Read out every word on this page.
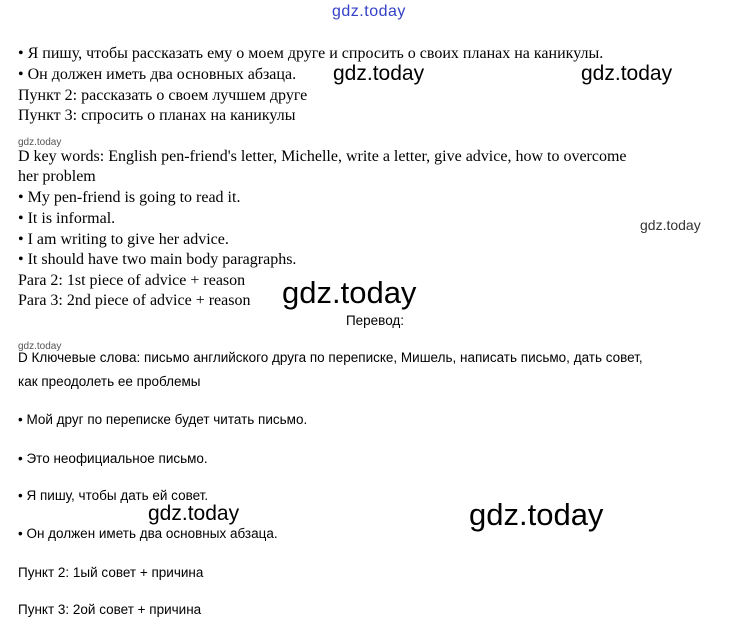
gdz.today
• Я пишу, чтобы рассказать ему о моем друге и спросить о своих планах на каникулы.
• Он должен иметь два основных абзаца.
Пункт 2: рассказать о своем лучшем друге
Пункт 3: спросить о планах на каникулы
D key words: English pen-friend's letter, Michelle, write a letter, give advice, how to overcome
her problem
• My pen-friend is going to read it.
• It is informal.
• I am writing to give her advice.
• It should have two main body paragraphs.
Para 2: 1st piece of advice + reason
Para 3: 2nd piece of advice + reason
gdz.today	gdz.today
gdz.today
gdz.today
gdz.today
Перевод:
gdz.today
D Ключевые слова: письмо английского друга по переписке, Мишель, написать письмо, дать совет,
как преодолеть ее проблемы
• Мой друг по переписке будет читать письмо.
• Это неофициальное письмо.
• Я пишу, чтобы дать ей совет.
• Он должен иметь два основных абзаца.
Пункт 2: 1ый совет + причина
Пункт 3: 2ой совет + причина
gdz.today	gdz.today
